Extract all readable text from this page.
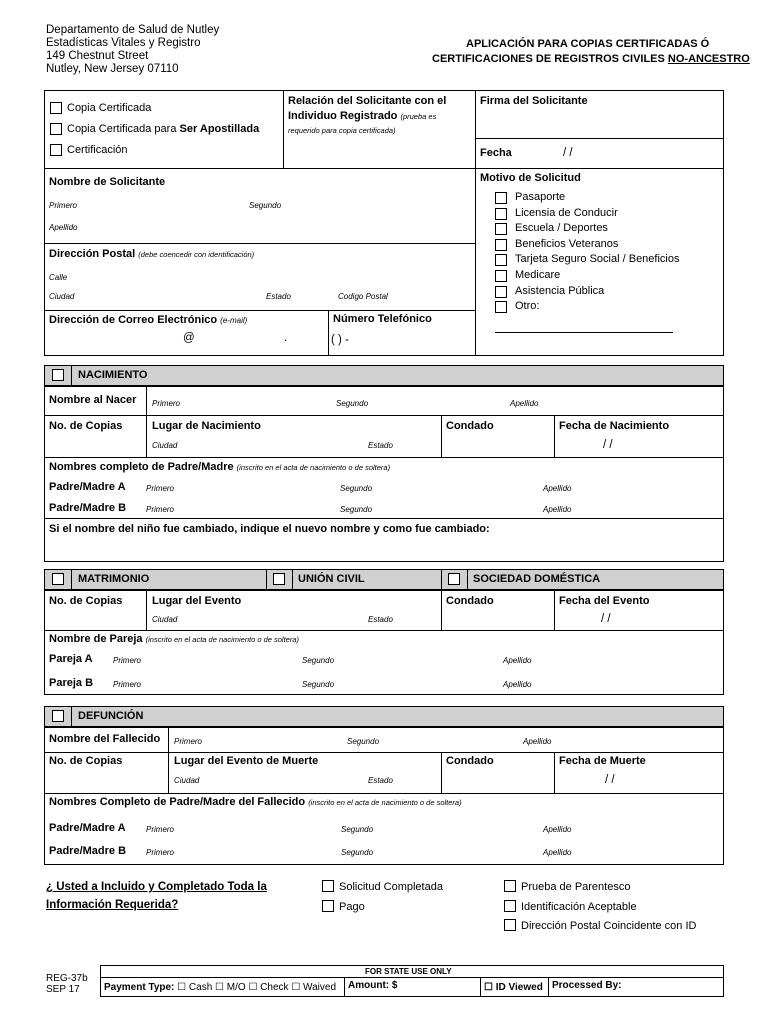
Departamento de Salud de Nutley
Estadísticas Vitales y Registro
149 Chestnut Street
Nutley, New Jersey 07110
APLICACIÓN PARA COPIAS CERTIFICADAS Ó
CERTIFICACIONES DE REGISTROS CIVILES NO-ANCESTRO
Copia Certificada
Copia Certificada para Ser Apostillada
Certificación
Relación del Solicitante con el
Individuo Registrado (prueba es
requerido para copia certificada)
Firma del Solicitante
Fecha	/ /
Nombre de Solicitante
Primero	Segundo
Apellido
Dirección Postal (debe coencedir con identificación)
Calle
Ciudad	Estado	Codigo Postal
Dirección de Correo Electrónico (e-mail)
@	.
Número Telefónico
( ) -
Motivo de Solicitud
Pasaporte
Licensia de Conducir
Escuela / Deportes
Beneficios Veteranos
Tarjeta Seguro Social / Beneficios
Medicare
Asistencia Pública
Otro:
NACIMIENTO
Nombre al Nacer Primero	Segundo	Apellido
No. de Copias	Lugar de Nacimiento
Ciudad	Estado
Condado	Fecha de Nacimiento
/ /
Nombres completo de Padre/Madre (inscrito en el acta de nacimiento o de soltera)
Padre/Madre A	Primero	Segundo	Apellido
Padre/Madre B Primero	Segundo	Apellido
Si el nombre del niño fue cambiado, indique el nuevo nombre y como fue cambiado:
MATRIMONIO	UNIÓN CIVIL	SOCIEDAD DOMÉSTICA
No. de Copias	Lugar del Evento
Ciudad	Estado
Condado	Fecha del Evento
/ /
Nombre de Pareja (inscrito en el acta de nacimiento o de soltera)
Pareja A	Primero	Segundo	Apellido
Pareja B Primero	Segundo	Apellido
DEFUNCIÓN
Nombre del Fallecido Primero	Segundo	Apellido
No. de Copias	Lugar del Evento de Muerte
Ciudad	Estado
Condado	Fecha de Muerte
/ /
Nombres Completo de Padre/Madre del Fallecido (inscrito en el acta de nacimiento o de soltera)
Padre/Madre A	Primero	Segundo	Apellido
Padre/Madre B Primero	Segundo	Apellido
¿ Usted a Incluido y Completado Toda la
Información Requerida?
Solicitud Completada
Pago
Prueba de Parentesco
Identificación Aceptable
Dirección Postal Coincidente con ID
REG-37b
SEP 17
FOR STATE USE ONLY
Payment Type: ☐ Cash ☐ M/O ☐ Check ☐ Waived Amount: $	☐ ID Viewed Processed By:
